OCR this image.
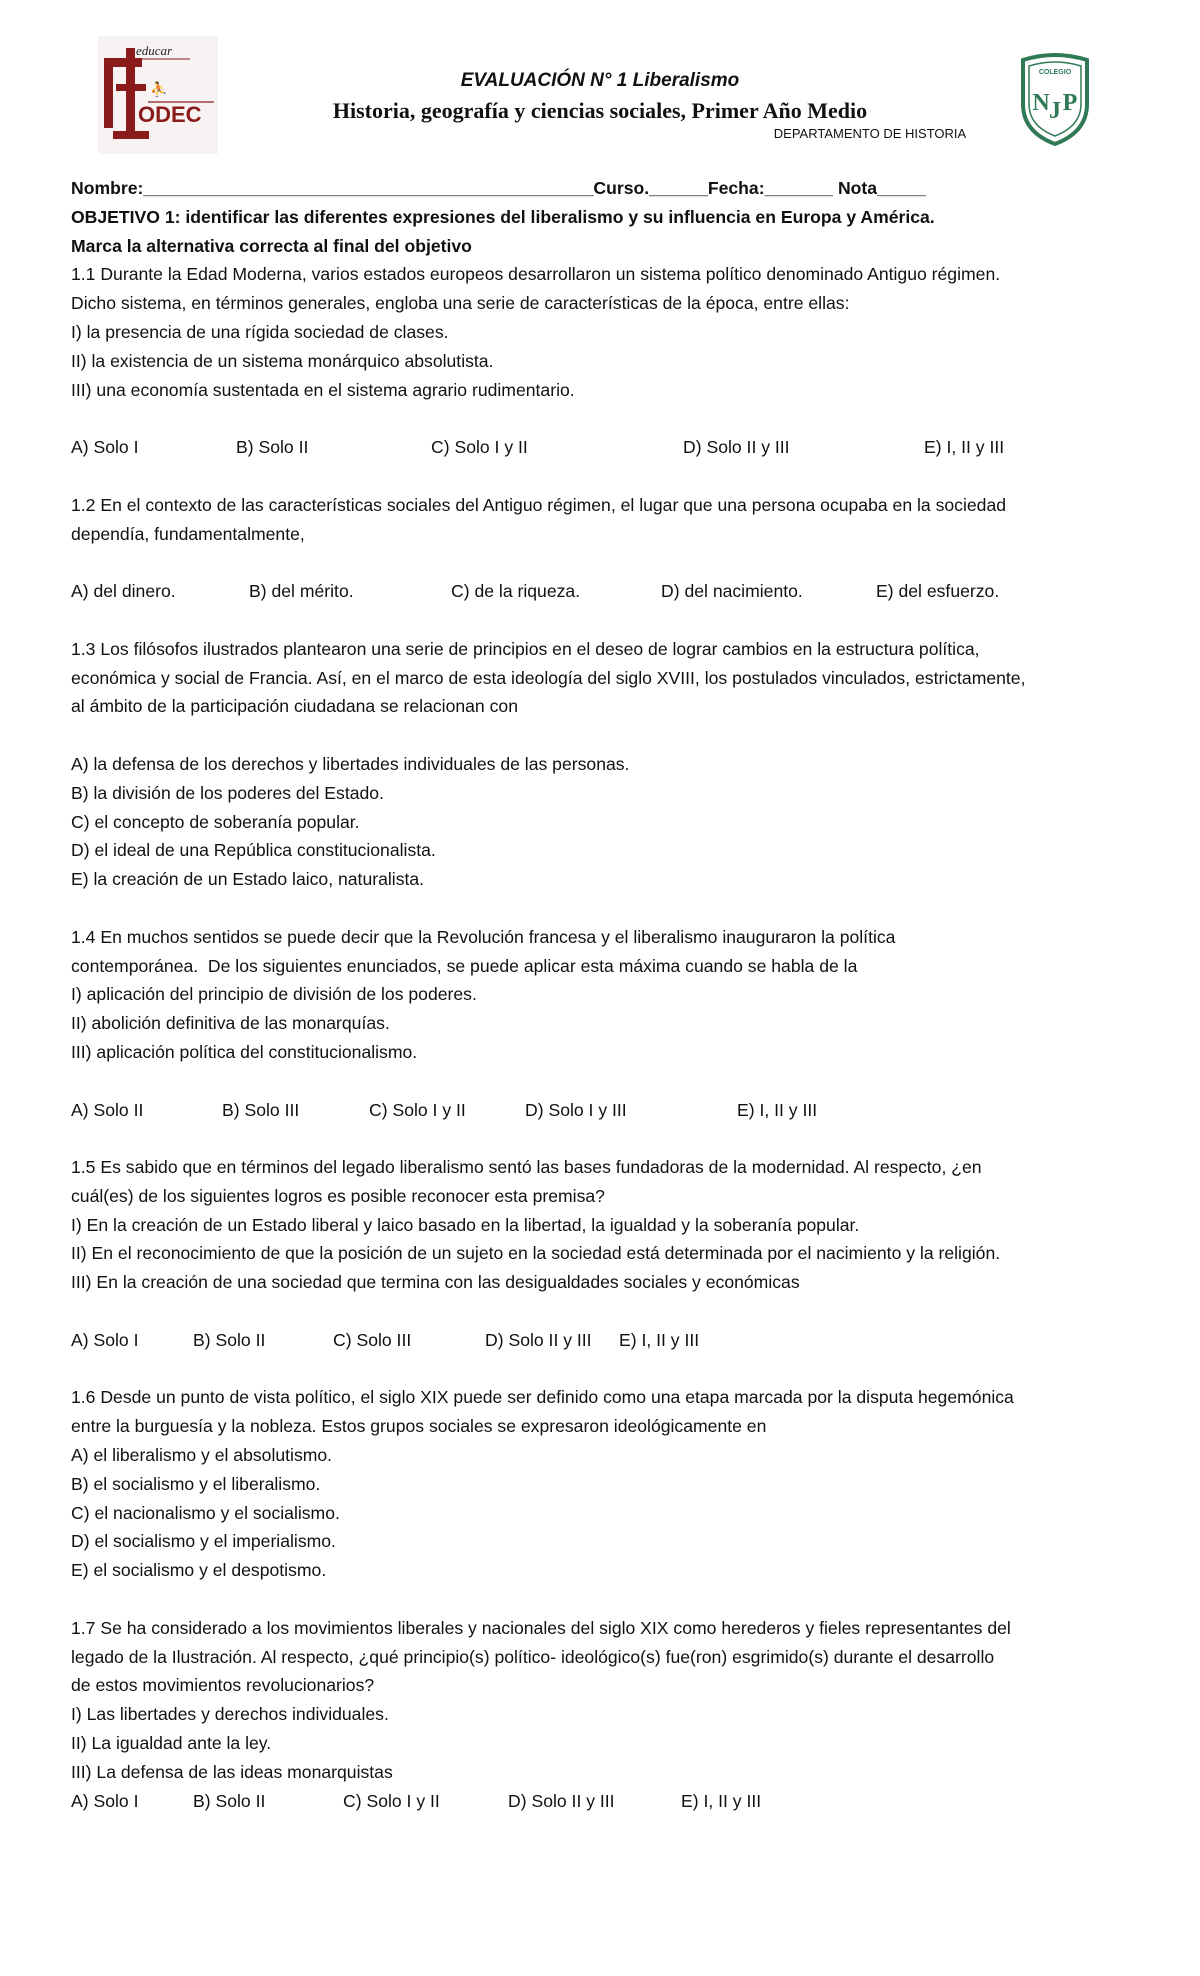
educar
⛹
ODEC
EVALUACIÓN N° 1 Liberalismo
Historia, geografía y ciencias sociales, Primer Año Medio
DEPARTAMENTO DE HISTORIA
COLEGIO
N J P
Nombre:______________________________________________Curso.______Fecha:_______ Nota_____
OBJETIVO 1: identificar las diferentes expresiones del liberalismo y su influencia en Europa y América.
Marca la alternativa correcta al final del objetivo
1.1 Durante la Edad Moderna, varios estados europeos desarrollaron un sistema político denominado Antiguo régimen.
Dicho sistema, en términos generales, engloba una serie de características de la época, entre ellas:
I) la presencia de una rígida sociedad de clases.
II) la existencia de un sistema monárquico absolutista.
III) una economía sustentada en el sistema agrario rudimentario.
A) Solo I	B) Solo II	C) Solo I y II	D) Solo II y III	E) I, II y III
1.2 En el contexto de las características sociales del Antiguo régimen, el lugar que una persona ocupaba en la sociedad
dependía, fundamentalmente,
A) del dinero.	B) del mérito.	C) de la riqueza.	D) del nacimiento.	E) del esfuerzo.
1.3 Los filósofos ilustrados plantearon una serie de principios en el deseo de lograr cambios en la estructura política,
económica y social de Francia. Así, en el marco de esta ideología del siglo XVIII, los postulados vinculados, estrictamente,
al ámbito de la participación ciudadana se relacionan con
A) la defensa de los derechos y libertades individuales de las personas.
B) la división de los poderes del Estado.
C) el concepto de soberanía popular.
D) el ideal de una República constitucionalista.
E) la creación de un Estado laico, naturalista.
1.4 En muchos sentidos se puede decir que la Revolución francesa y el liberalismo inauguraron la política
contemporánea.  De los siguientes enunciados, se puede aplicar esta máxima cuando se habla de la
I) aplicación del principio de división de los poderes.
II) abolición definitiva de las monarquías.
III) aplicación política del constitucionalismo.
A) Solo II	B) Solo III	C) Solo I y II	D) Solo I y III	E) I, II y III
1.5 Es sabido que en términos del legado liberalismo sentó las bases fundadoras de la modernidad. Al respecto, ¿en
cuál(es) de los siguientes logros es posible reconocer esta premisa?
I) En la creación de un Estado liberal y laico basado en la libertad, la igualdad y la soberanía popular.
II) En el reconocimiento de que la posición de un sujeto en la sociedad está determinada por el nacimiento y la religión.
III) En la creación de una sociedad que termina con las desigualdades sociales y económicas
A) Solo I	B) Solo II	C) Solo III	D) Solo II y III E) I, II y III
1.6 Desde un punto de vista político, el siglo XIX puede ser definido como una etapa marcada por la disputa hegemónica
entre la burguesía y la nobleza. Estos grupos sociales se expresaron ideológicamente en
A) el liberalismo y el absolutismo.
B) el socialismo y el liberalismo.
C) el nacionalismo y el socialismo.
D) el socialismo y el imperialismo.
E) el socialismo y el despotismo.
1.7 Se ha considerado a los movimientos liberales y nacionales del siglo XIX como herederos y fieles representantes del
legado de la Ilustración. Al respecto, ¿qué principio(s) político- ideológico(s) fue(ron) esgrimido(s) durante el desarrollo
de estos movimientos revolucionarios?
I) Las libertades y derechos individuales.
II) La igualdad ante la ley.
III) La defensa de las ideas monarquistas
A) Solo I	B) Solo II	C) Solo I y II	D) Solo II y III	E) I, II y III
